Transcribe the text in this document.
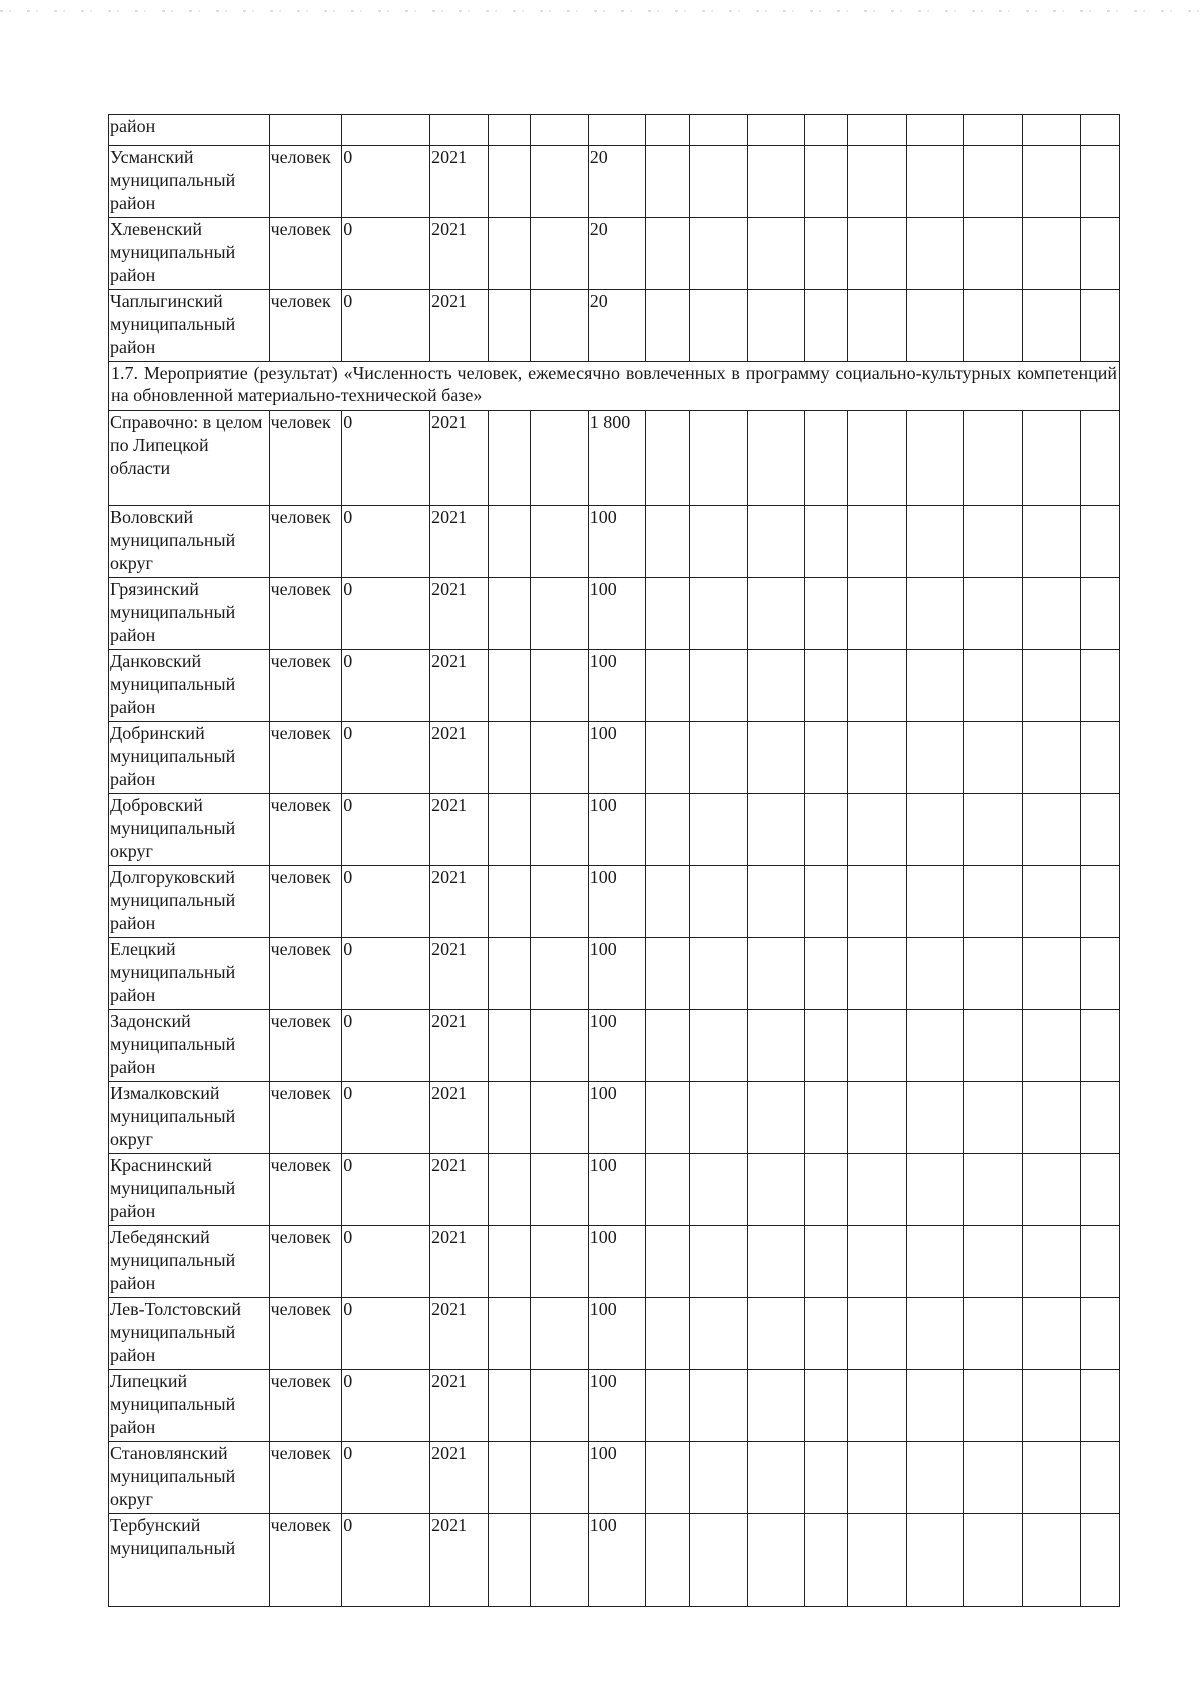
район															
Усманский муниципальный район	человек	0	2021			20									
Хлевенский муниципальный район	человек	0	2021			20									
Чаплыгинский муниципальный район	человек	0	2021			20									
1.7. Мероприятие (результат) «Численность человек, ежемесячно вовлеченных в программу социально-культурных компетенций на обновленной материально-технической базе»															
Справочно: в целом по Липецкой области	человек	0	2021			1 800									
Воловский муниципальный округ	человек	0	2021			100									
Грязинский муниципальный район	человек	0	2021			100									
Данковский муниципальный район	человек	0	2021			100									
Добринский муниципальный район	человек	0	2021			100									
Добровский муниципальный округ	человек	0	2021			100									
Долгоруковский муниципальный район	человек	0	2021			100									
Елецкий муниципальный район	человек	0	2021			100									
Задонский муниципальный район	человек	0	2021			100									
Измалковский муниципальный округ	человек	0	2021			100									
Краснинский муниципальный район	человек	0	2021			100									
Лебедянский муниципальный район	человек	0	2021			100									
Лев-Толстовский муниципальный район	человек	0	2021			100									
Липецкий муниципальный район	человек	0	2021			100									
Становлянский муниципальный округ	человек	0	2021			100									
Тербунский муниципальный	человек	0	2021			100									
